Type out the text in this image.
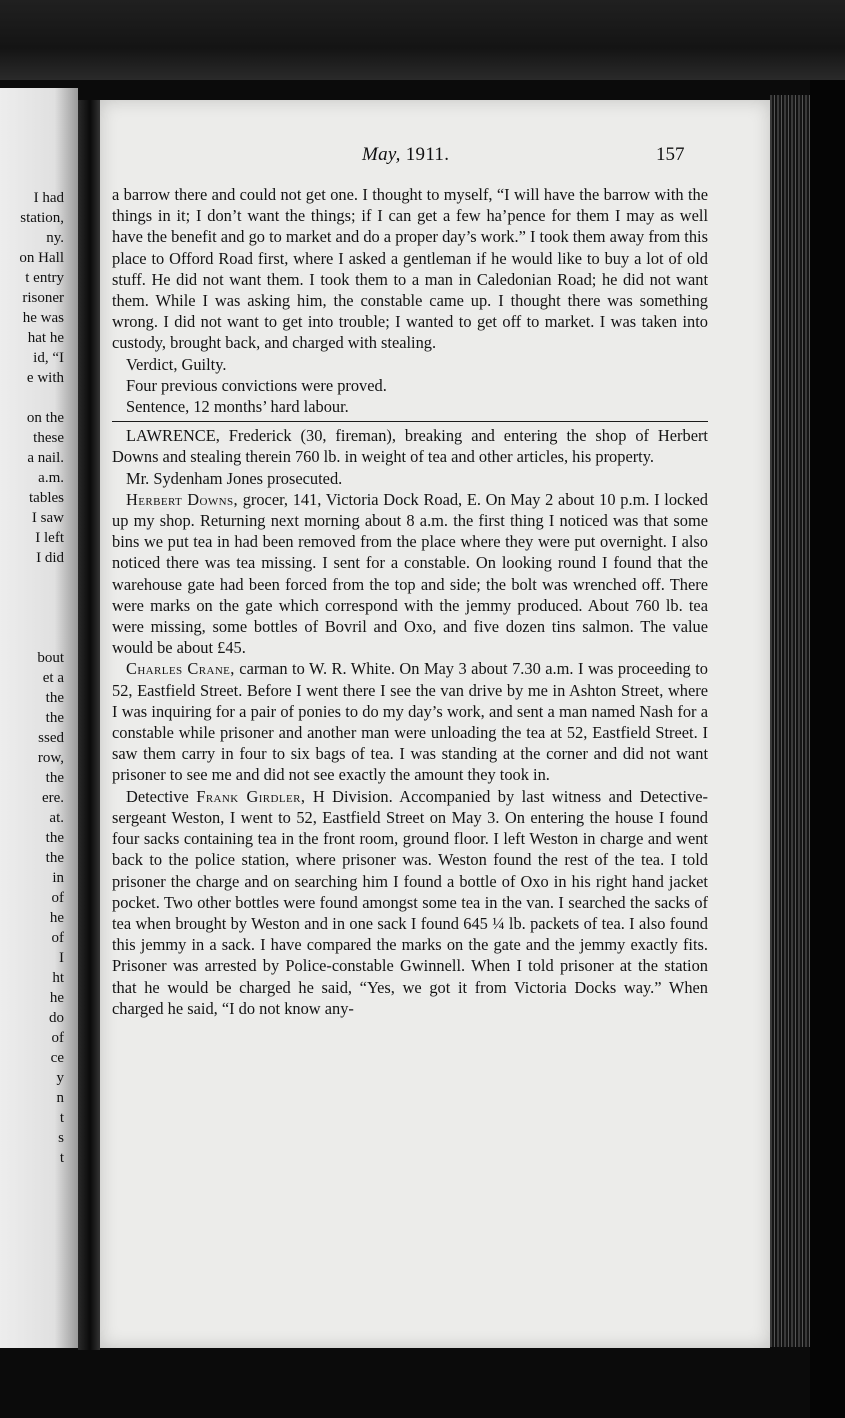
I had
station,
ny.
on Hall
t entry
risoner
he was
hat he
id, “I
e with

on the
these
a nail.
a.m.
tables
I saw
I left
I did

bout
et a
the
the
ssed
row,
the
ere.
at.
the
the
in
of
he
of
I
ht
he
do
of
ce
y
n
t
s
t
May, 1911.	157

a barrow there and could not get one. I thought to myself, “I will have the barrow with the things in it; I don’t want the things; if I can get a few ha’pence for them I may as well have the benefit and go to market and do a proper day’s work.” I took them away from this place to Offord Road first, where I asked a gentleman if he would like to buy a lot of old stuff. He did not want them. I took them to a man in Caledonian Road; he did not want them. While I was asking him, the constable came up. I thought there was something wrong. I did not want to get into trouble; I wanted to get off to market. I was taken into custody, brought back, and charged with stealing.

Verdict, Guilty.

Four previous convictions were proved.

Sentence, 12 months’ hard labour.

LAWRENCE, Frederick (30, fireman), breaking and entering the shop of Herbert Downs and stealing therein 760 lb. in weight of tea and other articles, his property.

Mr. Sydenham Jones prosecuted.

Herbert Downs, grocer, 141, Victoria Dock Road, E. On May 2 about 10 p.m. I locked up my shop. Returning next morning about 8 a.m. the first thing I noticed was that some bins we put tea in had been removed from the place where they were put overnight. I also noticed there was tea missing. I sent for a constable. On looking round I found that the warehouse gate had been forced from the top and side; the bolt was wrenched off. There were marks on the gate which correspond with the jemmy produced. About 760 lb. tea were missing, some bottles of Bovril and Oxo, and five dozen tins salmon. The value would be about £45.

Charles Crane, carman to W. R. White. On May 3 about 7.30 a.m. I was proceeding to 52, Eastfield Street. Before I went there I see the van drive by me in Ashton Street, where I was inquiring for a pair of ponies to do my day’s work, and sent a man named Nash for a constable while prisoner and another man were unloading the tea at 52, Eastfield Street. I saw them carry in four to six bags of tea. I was standing at the corner and did not want prisoner to see me and did not see exactly the amount they took in.

Detective Frank Girdler, H Division. Accompanied by last witness and Detective-sergeant Weston, I went to 52, Eastfield Street on May 3. On entering the house I found four sacks containing tea in the front room, ground floor. I left Weston in charge and went back to the police station, where prisoner was. Weston found the rest of the tea. I told prisoner the charge and on searching him I found a bottle of Oxo in his right hand jacket pocket. Two other bottles were found amongst some tea in the van. I searched the sacks of tea when brought by Weston and in one sack I found 645 ¼ lb. packets of tea. I also found this jemmy in a sack. I have compared the marks on the gate and the jemmy exactly fits. Prisoner was arrested by Police-constable Gwinnell. When I told prisoner at the station that he would be charged he said, “Yes, we got it from Victoria Docks way.” When charged he said, “I do not know any-
